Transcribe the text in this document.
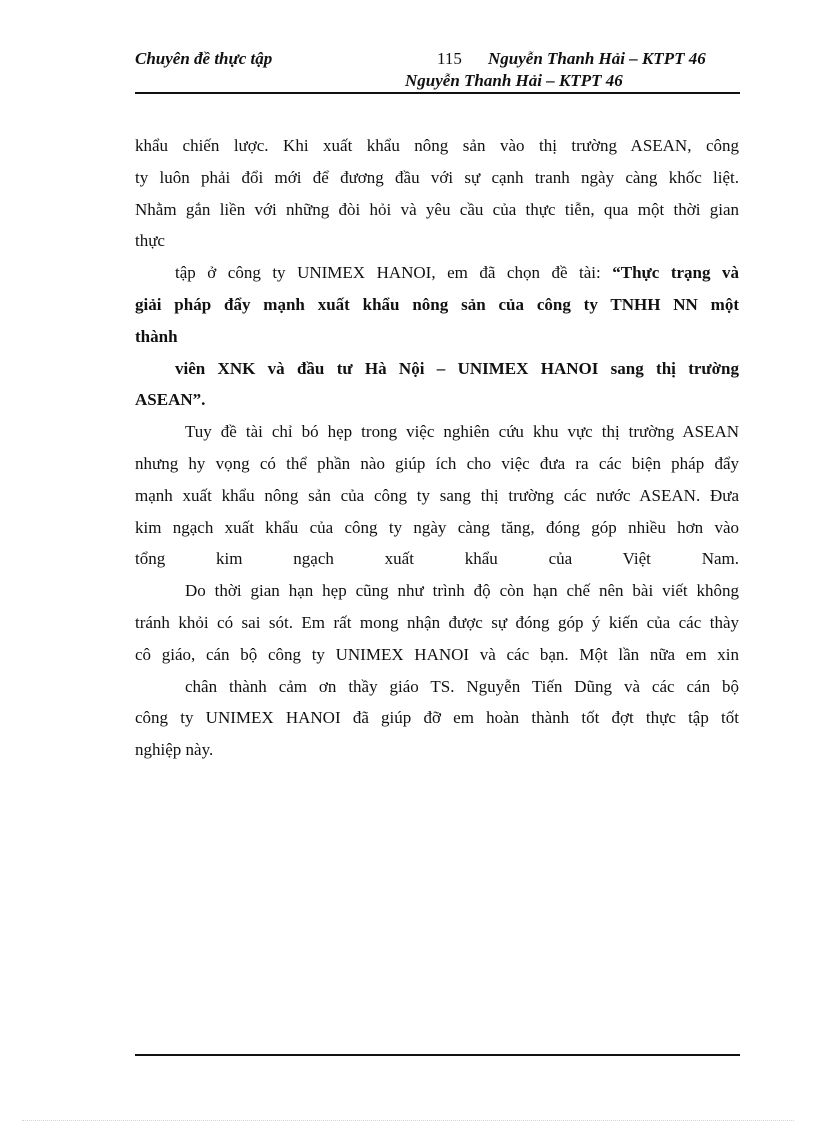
Chuyên đề thực tập	115 Nguyễn Thanh Hải – KTPT 46
Nguyễn Thanh Hải – KTPT 46
khẩu chiến lược. Khi xuất khẩu nông sản vào thị trường ASEAN, công
ty luôn phải đổi mới để đương đầu với sự cạnh tranh ngày càng khốc liệt.
Nhằm gắn liền với những đòi hỏi và yêu cầu của thực tiễn, qua một thời gian
thực
tập ở công ty UNIMEX HANOI, em đã chọn đề tài: “Thực trạng và
giải pháp đẩy mạnh xuất khẩu nông sản của công ty TNHH NN một
thành
viên XNK và đầu tư Hà Nội – UNIMEX HANOI sang thị trường
ASEAN”.
Tuy đề tài chỉ bó hẹp trong việc nghiên cứu khu vực thị trường ASEAN
nhưng hy vọng có thể phần nào giúp ích cho việc đưa ra các biện pháp đẩy
mạnh xuất khẩu nông sản của công ty sang thị trường các nước ASEAN. Đưa
kim ngạch xuất khẩu của công ty ngày càng tăng, đóng góp nhiều hơn vào
tổng kim ngạch xuất khẩu của Việt Nam.
Do thời gian hạn hẹp cũng như trình độ còn hạn chế nên bài viết không
tránh khỏi có sai sót. Em rất mong nhận được sự đóng góp ý kiến của các thày
cô giáo, cán bộ công ty UNIMEX HANOI và các bạn. Một lần nữa em xin
chân thành cảm ơn thầy giáo TS. Nguyễn Tiến Dũng và các cán bộ
công ty UNIMEX HANOI đã giúp đỡ em hoàn thành tốt đợt thực tập tốt
nghiệp này.
